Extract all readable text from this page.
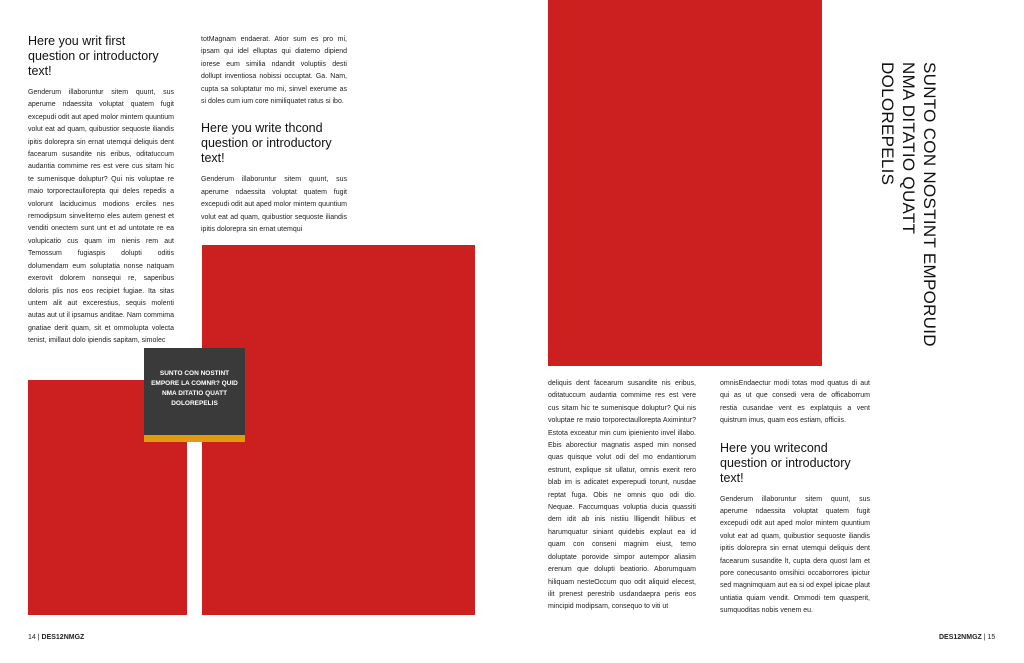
Here you writ first question or introductory text!

Genderum illaboruntur sitem quunt, sus aperume ndaessita voluptat quatem fugit excepudi odit aut aped molor mintem quuntium volut eat ad quam, quibustior sequoste iliandis ipitis dolorepra sin ernat utemqui deliquis dent facearum susandite nis eribus, oditatuccum audantia commime res est vere cus sitam hic te sumenisque doluptur? Qui nis voluptae re maio torporectaullorepta qui deles repedis a volorunt laciducimus modions erciles nes remodipsum sinveliterno eles autem genest et venditi onectem sunt unt et ad untotate re ea volupicatio cus quam im nienis rem aut Temossum fugiaspis dolupti oditis dolumendam eum soluptatia nonse natquam exerovit dolorem nonsequi re, saperibus doloris plis nos eos recipiet fugiae. Ita sitas untem alit aut excerestius, sequis molenti autas aut ut il ipsamus anditae. Nam commima gnatiae derit quam, sit et ommolupta volecta tenist, imillaut dolo ipiendis sapitam, simolec

totMagnam endaerat. Atior sum es pro mi, ipsam qui idel elluptas qui diatemo dipiend iorese eum similia ndandit voluptiis desti dollupt inventiosa nobissi occuptat. Ga. Nam, cupta sa soluptatur mo mi, sinvel exerume as si doles cum ium core nimiliquatet ratus si ibo.

Here you write thcond question or introductory text!

Genderum illaboruntur sitem quunt, sus aperume ndaessita voluptat quatem fugit excepudi odit aut aped molor mintem quuntium volut eat ad quam, quibustior sequoste iliandis ipitis dolorepra sin ernat utemqui

SUNTO CON NOSTINT EMPORE LA COMNR? QUID NMA DITATIO QUATT DOLOREPELIS
14 | DES12NMGZ

deliquis dent facearum susandite nis eribus, oditatuccum audantia commime res est vere cus sitam hic te sumenisque doluptur? Qui nis voluptae re maio torporectaullorepta Aximintur? Estota exceatur min cum ipieniento invel illabo. Ebis aborectiur magnatis asped min nonsed quas quisque volut odi del mo endantiorum estrunt, explique sit ullatur, omnis exerit rero blab im is adicatet experepudi torunt, nusdae reptat fuga. Obis ne omnis quo odi dio. Nequae. Faccumquas voluptia ducia quassiti dem idit ab inis nistiiu llligendit hilibus et harumquatur siniant quidebis explaut ea id quam con conseni magnim eiust, temo doluptate porovide simpor autempor aliasim erenum que dolupti beatiorio. Aborumquam hiliquam nesteOccum quo odit aliquid elecest, ilit prenest perestrib usdandaepra peris eos mincipid modipsam, consequo to viti ut

omnisEndaectur modi totas mod quatus di aut qui as ut que consedi vera de officaborrum restia cusandae vent es explatquis a vent quistrum imus, quam eos estiam, officiis.

Here you writecond question or introductory text!

Genderum illaboruntur sitem quunt, sus aperume ndaessita voluptat quatem fugit excepudi odit aut aped molor mintem quuntium volut eat ad quam, quibustior sequoste iliandis ipitis dolorepra sin ernat utemqui deliquis dent facearum susandite lt, cupta dera quost lam et pore conecusanto omsihici occaborrores ipictur sed magnimquam aut ea si od expel ipicae plaut untiatia quiam vendit. Ommodi tem quasperit, sumquoditas nobis venem eu.

DES12NMGZ | 15
SUNTO CON NOSTINT EMPORUID NMA DITATIO QUATT DOLOREPELIS
